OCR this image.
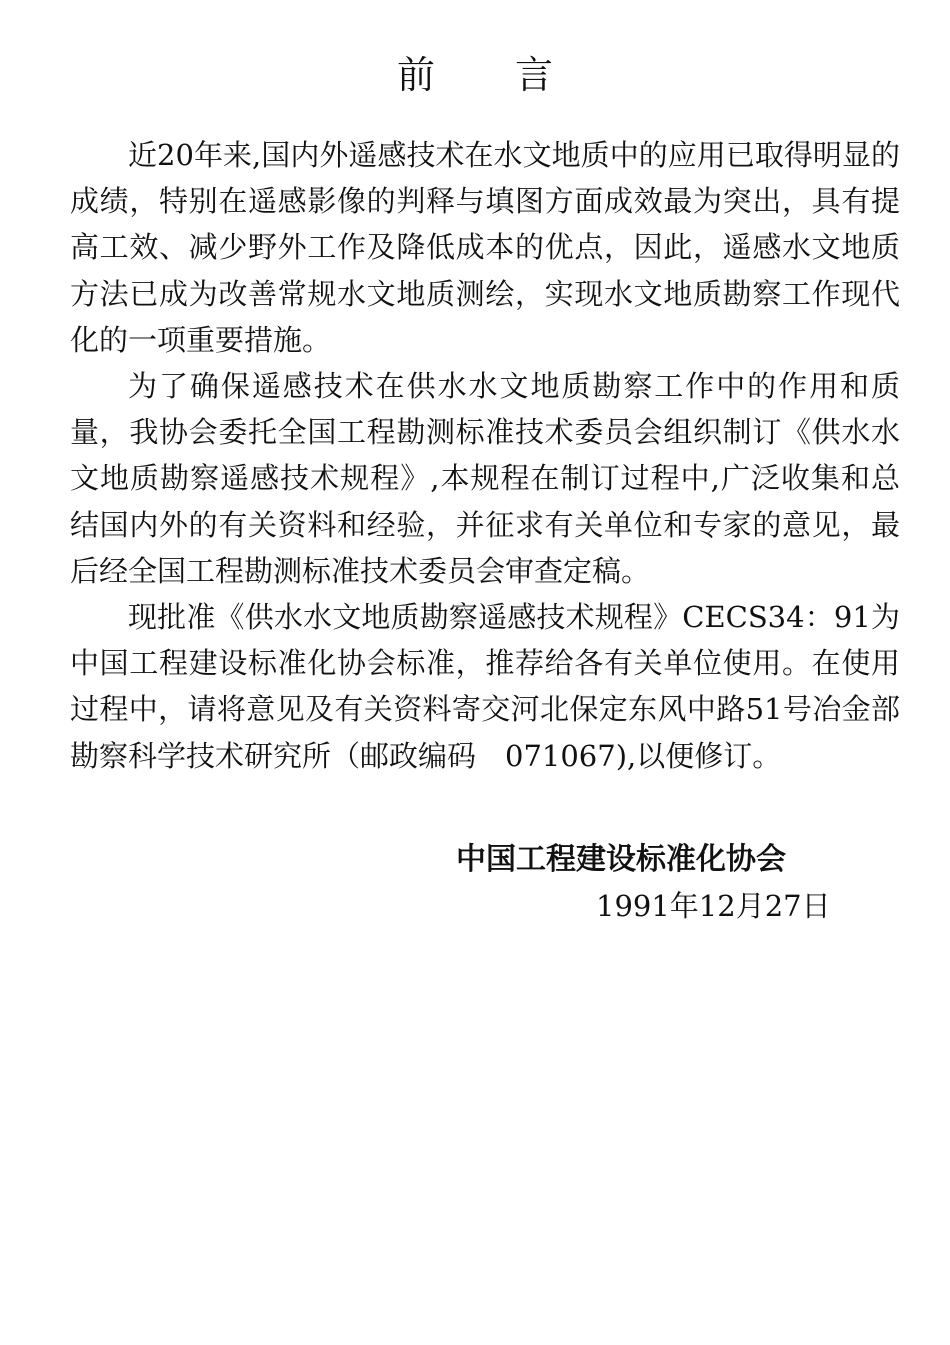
前言

近20年来,国内外遥感技术在水文地质中的应用已取得明显的成绩，特别在遥感影像的判释与填图方面成效最为突出，具有提高工效、减少野外工作及降低成本的优点，因此，遥感水文地质方法已成为改善常规水文地质测绘，实现水文地质勘察工作现代化的一项重要措施。

为了确保遥感技术在供水水文地质勘察工作中的作用和质量，我协会委托全国工程勘测标准技术委员会组织制订《供水水文地质勘察遥感技术规程》,本规程在制订过程中,广泛收集和总结国内外的有关资料和经验，并征求有关单位和专家的意见，最后经全国工程勘测标准技术委员会审查定稿。

现批准《供水水文地质勘察遥感技术规程》CECS34：91为中国工程建设标准化协会标准，推荐给各有关单位使用。在使用过程中，请将意见及有关资料寄交河北保定东风中路51号冶金部勘察科学技术研究所（邮政编码　071067),以便修订。

中国工程建设标准化协会
1991年12月27日
